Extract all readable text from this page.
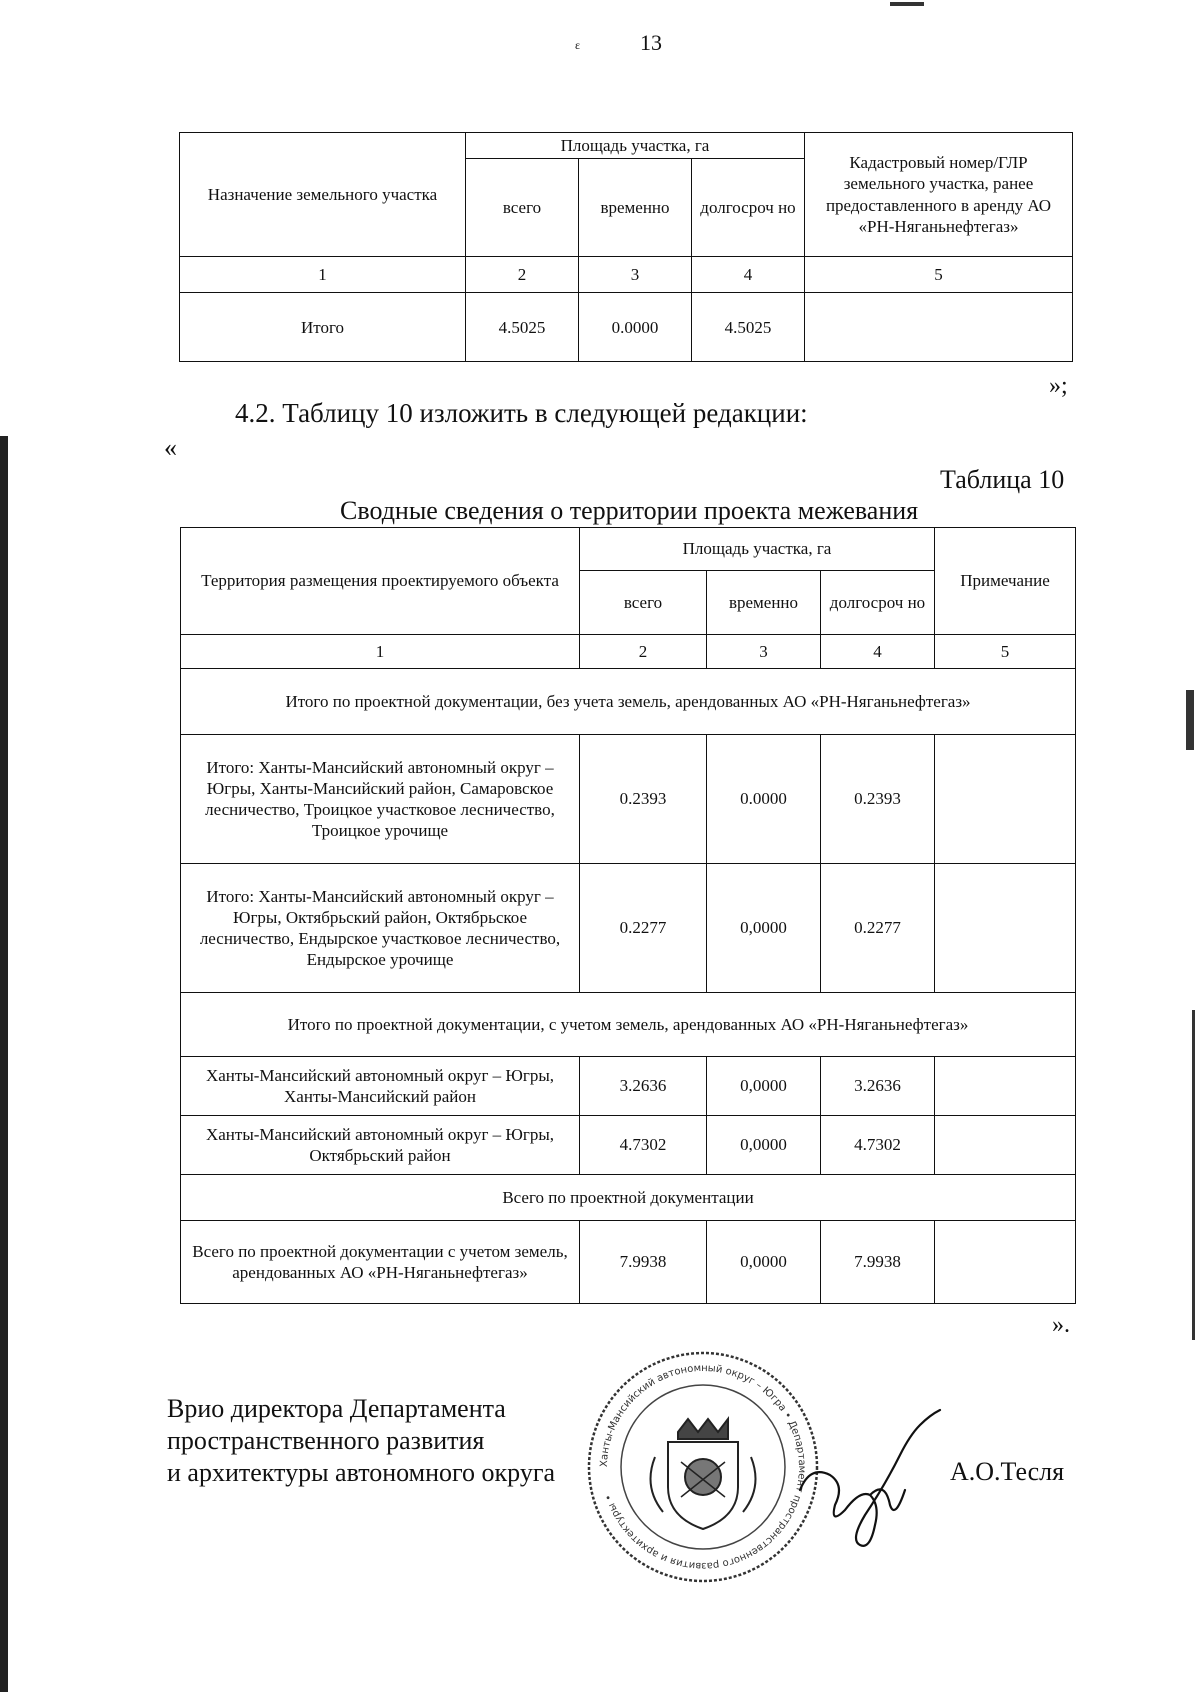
ε	13
Назначение земельного участка	Площадь участка, га			Кадастровый номер/ГЛР земельного участка, ранее предоставленного в аренду АО «РН-Няганьнефтегаз»
	всего	временно	долгосроч но	
1	2	3	4	5
Итого	4.5025	0.0000	4.5025	
»;
4.2. Таблицу 10 изложить в следующей редакции:
«
Таблица 10
Сводные сведения о территории проекта межевания
Территория размещения проектируемого объекта	Площадь участка, га			Примечание
	всего	временно	долгосроч но	
1	2	3	4	5
Итого по проектной документации, без учета земель, арендованных АО «РН-Няганьнефтегаз»				
Итого: Ханты-Мансийский автономный округ – Югры, Ханты-Мансийский район, Самаровское лесничество, Троицкое участковое лесничество, Троицкое урочище	0.2393	0.0000	0.2393	
Итого: Ханты-Мансийский автономный округ – Югры, Октябрьский район, Октябрьское лесничество, Ендырское участковое лесничество, Ендырское урочище	0.2277	0,0000	0.2277	
Итого по проектной документации, с учетом земель, арендованных АО «РН-Няганьнефтегаз»				
Ханты-Мансийский автономный округ – Югры, Ханты-Мансийский район	3.2636	0,0000	3.2636	
Ханты-Мансийский автономный округ – Югры, Октябрьский район	4.7302	0,0000	4.7302	
Всего по проектной документации				
Всего по проектной документации с учетом земель, арендованных АО «РН-Няганьнефтегаз»	7.9938	0,0000	7.9938	
».
Врио директора Департамента
пространственного развития
и архитектуры автономного округа	Ханты-Мансийский автономный округ – Югра • Департамент пространственного развития и архитектуры •
А.О.Тесля
